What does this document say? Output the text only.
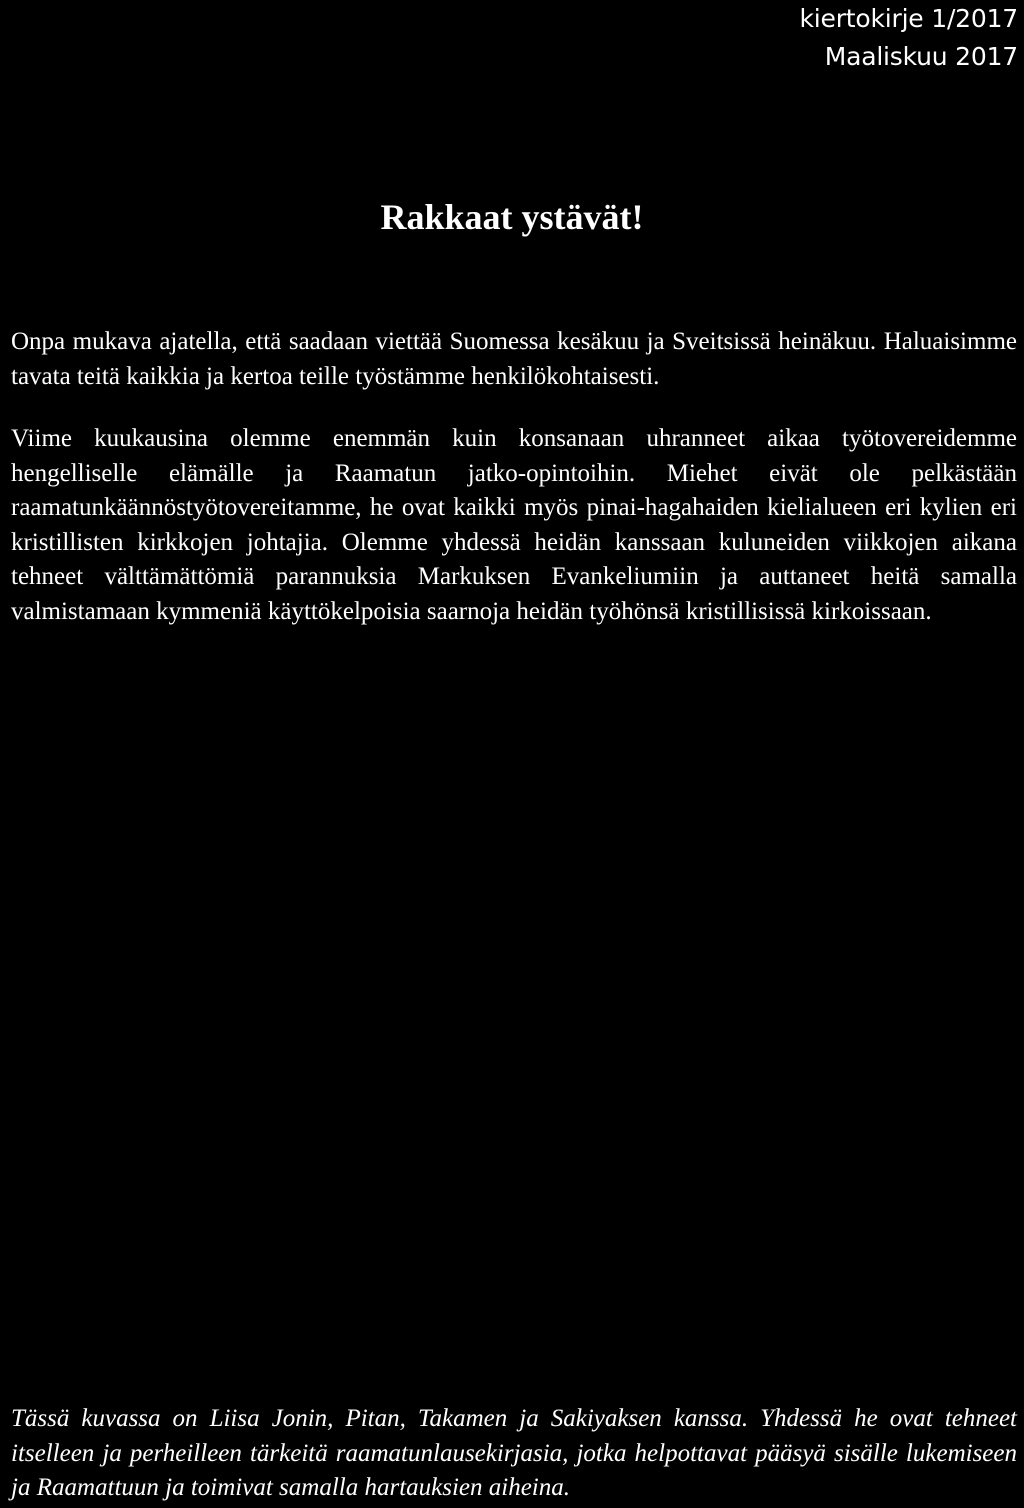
kiertokirje 1/2017
Maaliskuu 2017
Rakkaat ystävät!

Onpa mukava ajatella, että saadaan viettää Suomessa kesäkuu ja Sveitsissä heinäkuu. Haluaisimme tavata teitä kaikkia ja kertoa teille työstämme henkilökohtaisesti.

Viime kuukausina olemme enemmän kuin konsanaan uhranneet aikaa työtovereidemme hengelliselle elämälle ja Raamatun jatko-opintoihin. Miehet eivät ole pelkästään raamatunkäännöstyötovereitamme, he ovat kaikki myös pinai-hagahaiden kielialueen eri kylien eri kristillisten kirkkojen johtajia. Olemme yhdessä heidän kanssaan kuluneiden viikkojen aikana tehneet välttämättömiä parannuksia Markuksen Evankeliumiin ja auttaneet heitä samalla valmistamaan kymmeniä käyttökelpoisia saarnoja heidän työhönsä kristillisissä kirkoissaan.

Tässä kuvassa on Liisa Jonin, Pitan, Takamen ja Sakiyaksen kanssa. Yhdessä he ovat tehneet itselleen ja perheilleen tärkeitä raamatunlausekirjasia, jotka helpottavat pääsyä sisälle lukemiseen ja Raamattuun ja toimivat samalla hartauksien aiheina.
